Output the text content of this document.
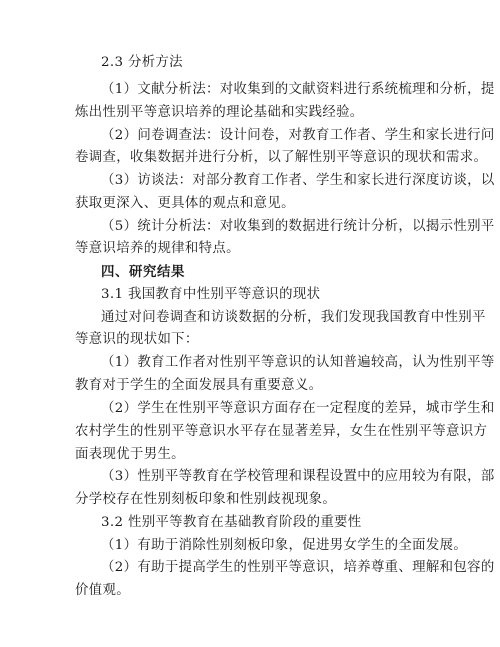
2.3 分析方法
（1）文献分析法：对收集到的文献资料进行系统梳理和分析，提
炼出性别平等意识培养的理论基础和实践经验。
（2）问卷调查法：设计问卷，对教育工作者、学生和家长进行问
卷调查，收集数据并进行分析，以了解性别平等意识的现状和需求。
（3）访谈法：对部分教育工作者、学生和家长进行深度访谈，以
获取更深入、更具体的观点和意见。
（5）统计分析法：对收集到的数据进行统计分析，以揭示性别平
等意识培养的规律和特点。
四、研究结果
3.1 我国教育中性别平等意识的现状
通过对问卷调查和访谈数据的分析，我们发现我国教育中性别平
等意识的现状如下：
（1）教育工作者对性别平等意识的认知普遍较高，认为性别平等
教育对于学生的全面发展具有重要意义。
（2）学生在性别平等意识方面存在一定程度的差异，城市学生和
农村学生的性别平等意识水平存在显著差异，女生在性别平等意识方
面表现优于男生。
（3）性别平等教育在学校管理和课程设置中的应用较为有限，部
分学校存在性别刻板印象和性别歧视现象。
3.2 性别平等教育在基础教育阶段的重要性
（1）有助于消除性别刻板印象，促进男女学生的全面发展。
（2）有助于提高学生的性别平等意识，培养尊重、理解和包容的
价值观。
